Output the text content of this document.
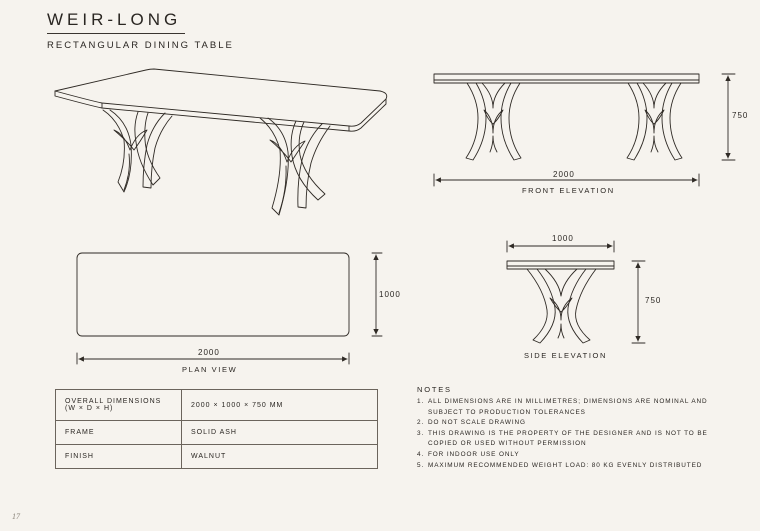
WEIR-LONG
RECTANGULAR DINING TABLE
2000
FRONT ELEVATION
750
2000
PLAN VIEW
1000
1000
750
SIDE ELEVATION
OVERALL DIMENSIONS
(W × D × H)	2000 × 1000 × 750 MM
FRAME	SOLID ASH
FINISH	WALNUT
NOTES
1. ALL DIMENSIONS ARE IN MILLIMETRES; DIMENSIONS ARE NOMINAL AND SUBJECT TO PRODUCTION TOLERANCES
2. DO NOT SCALE DRAWING
3. THIS DRAWING IS THE PROPERTY OF THE DESIGNER AND IS NOT TO BE COPIED OR USED WITHOUT PERMISSION
4. FOR INDOOR USE ONLY
5. MAXIMUM RECOMMENDED WEIGHT LOAD: 80 KG EVENLY DISTRIBUTED
17
